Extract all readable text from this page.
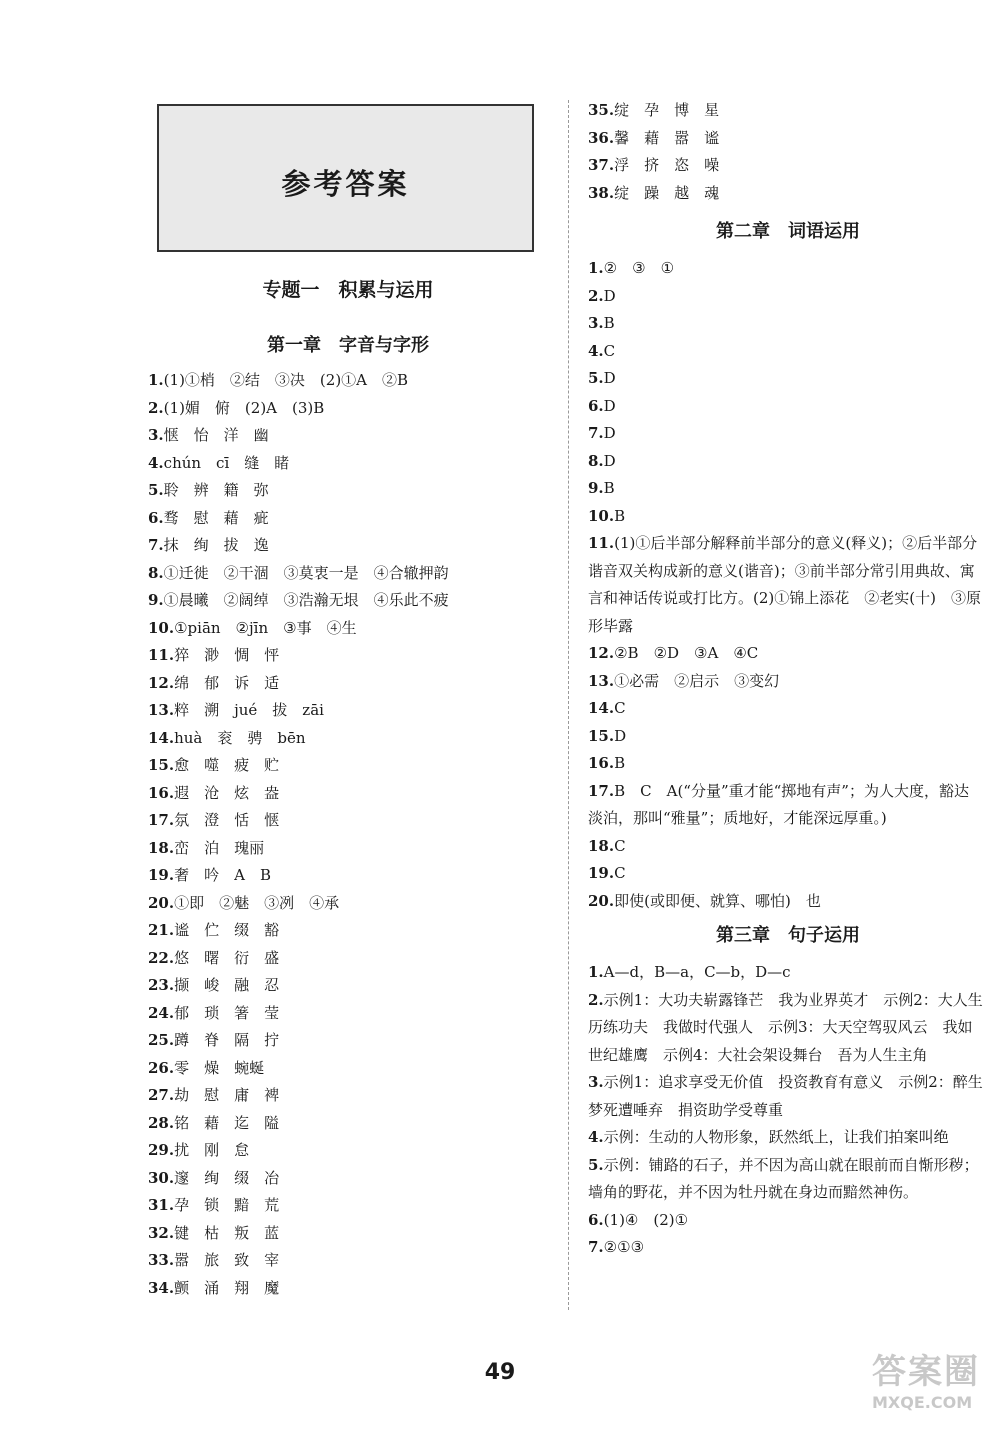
参考答案
专题一　积累与运用
第一章　字音与字形
1.(1)①梢　②结　③决　(2)①A　②B
2.(1)媚　俯　(2)A　(3)B
3.惬　怡　洋　幽
4.chún　cī　缝　睹
5.聆　辨　籍　弥
6.骛　慰　藉　疵
7.抹　绚　拔　逸
8.①迁徙　②干涸　③莫衷一是　④合辙押韵
9.①晨曦　②阔绰　③浩瀚无垠　④乐此不疲
10.①piān　②jīn　③事　④生
11.猝　渺　惆　怦
12.绵　郁　诉　适
13.粹　溯　jué　拔　zāi
14.huà　衮　骋　bēn
15.愈　噬　疲　贮
16.遐　沧　炫　盎
17.氛　澄　恬　惬
18.峦　泊　瑰丽
19.奢　吟　A　B
20.①即　②魅　③冽　④承
21.谧　伫　缀　豁
22.悠　曙　衍　盛
23.撷　峻　融　忍
24.郁　琐　箸　莹
25.蹲　脊　隔　拧
26.零　燥　蜿蜒
27.劫　慰　庸　裨
28.铭　藉　迄　隘
29.扰　刚　怠
30.邃　绚　缀　冶
31.孕　锁　黯　荒
32.键　枯　叛　蓝
33.嚣　旅　致　宰
34.颤　涌　翔　魔
35.绽　孕　博　星
36.馨　藉　嚣　谧
37.浮　挤　恣　噪
38.绽　躁　越　魂
第二章　词语运用
1.②　③　①
2.D
3.B
4.C
5.D
6.D
7.D
8.D
9.B
10.B
11.(1)①后半部分解释前半部分的意义(释义)；②后半部分谐音双关构成新的意义(谐音)；③前半部分常引用典故、寓言和神话传说或打比方。(2)①锦上添花　②老实(十)　③原形毕露
12.②B　②D　③A　④C
13.①必需　②启示　③变幻
14.C
15.D
16.B
17.B　C　A(“分量”重才能“掷地有声”；为人大度，豁达淡泊，那叫“雅量”；质地好，才能深远厚重。)
18.C
19.C
20.即使(或即便、就算、哪怕)　也
第三章　句子运用
1.A—d，B—a，C—b，D—c
2.示例1：大功夫崭露锋芒　我为业界英才　示例2：大人生历练功夫　我做时代强人　示例3：大天空驾驭风云　我如世纪雄鹰　示例4：大社会架设舞台　吾为人生主角
3.示例1：追求享受无价值　投资教育有意义　示例2：醉生梦死遭唾弃　捐资助学受尊重
4.示例：生动的人物形象，跃然纸上，让我们拍案叫绝
5.示例：铺路的石子，并不因为高山就在眼前而自惭形秽；墙角的野花，并不因为牡丹就在身边而黯然神伤。
6.(1)④　(2)①
7.②①③
49	答案圈
MXQE.COM
